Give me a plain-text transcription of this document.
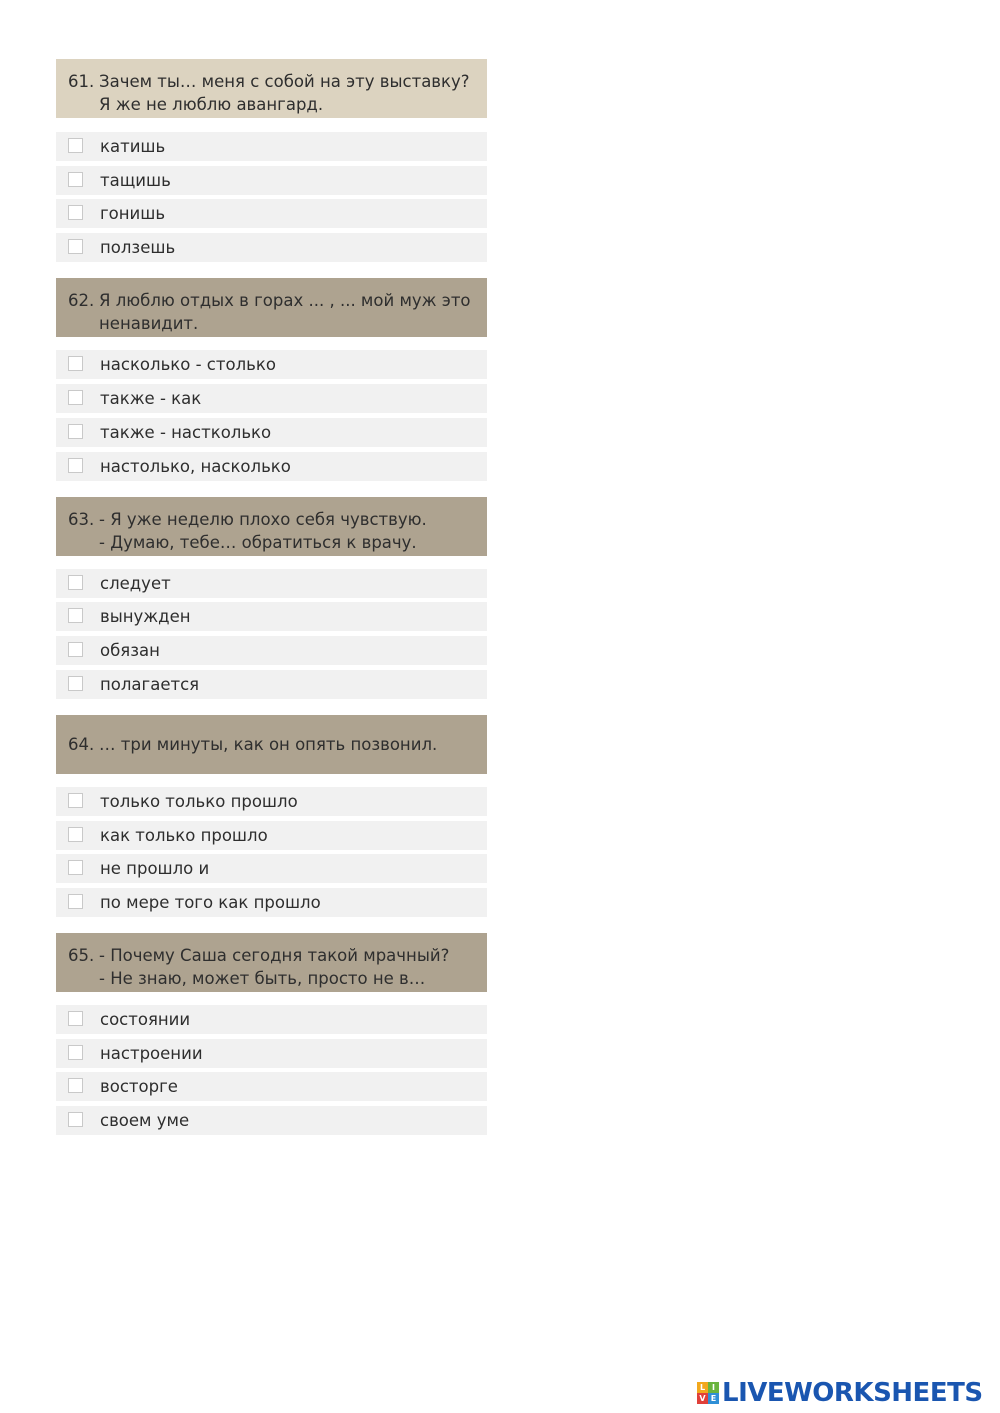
61. Зачем ты… меня с собой на эту выставку?
Я же не люблю авангард.
катишь
тащишь
гонишь
ползешь
62. Я люблю отдых в горах ... , ... мой муж это
ненавидит.
насколько - столько
также - как
также - настколько
настолько, насколько
63. - Я уже неделю плохо себя чувствую.
- Думаю, тебе… обратиться к врачу.
следует
вынужден
обязан
полагается
64. … три минуты, как он опять позвонил.
только только прошло
как только прошло
не прошло и
по мере того как прошло
65. - Почему Саша сегодня такой мрачный?
- Не знаю, может быть, просто не в…
состоянии
настроении
восторге
своем уме
L I
V E LIVEWORKSHEETS
